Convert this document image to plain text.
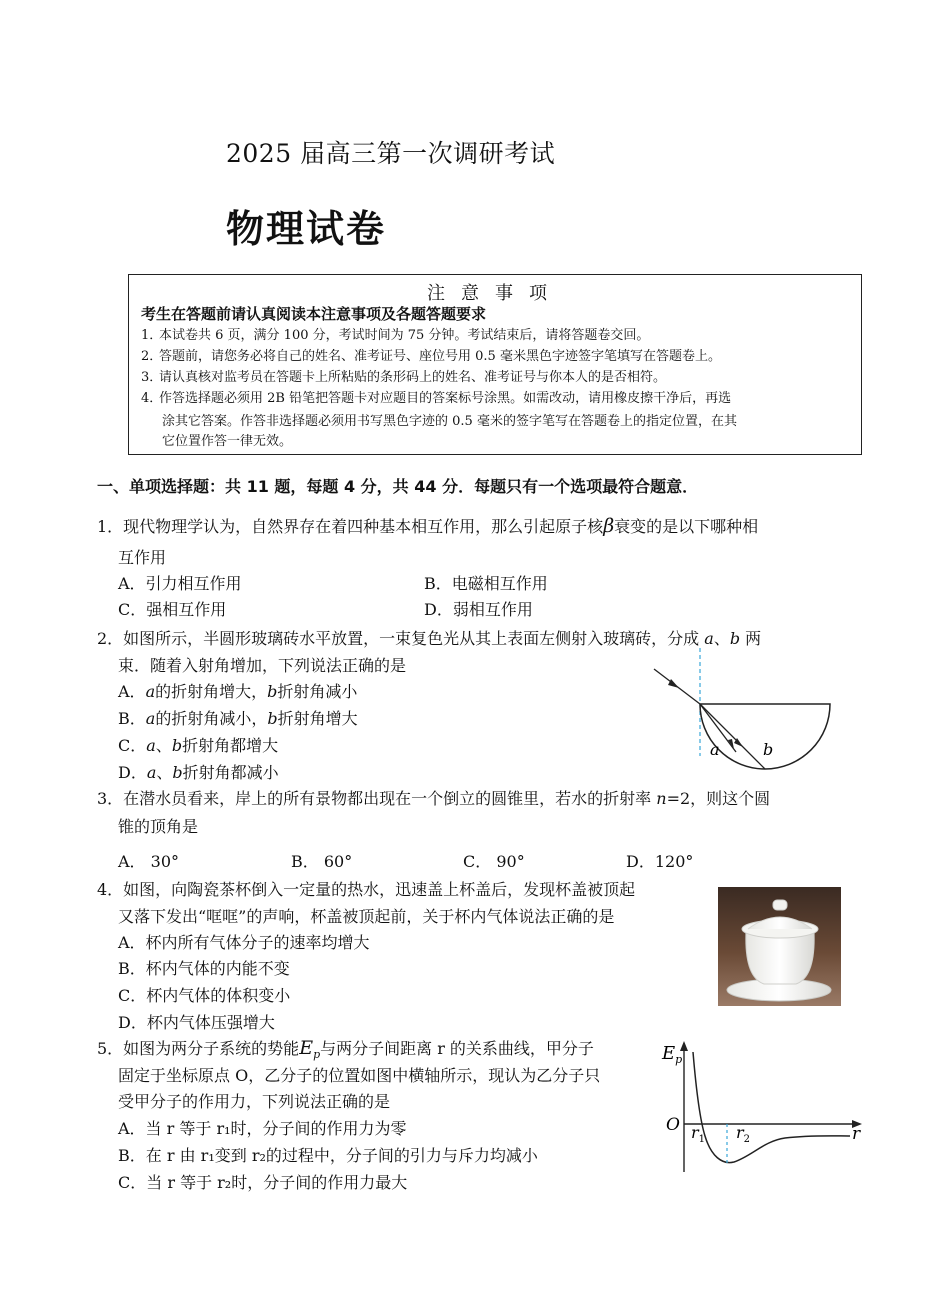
2025 届高三第一次调研考试
物理试卷
注意事项
考生在答题前请认真阅读本注意事项及各题答题要求
1．本试卷共 6 页，满分 100 分，考试时间为 75 分钟。考试结束后，请将答题卷交回。
2．答题前，请您务必将自己的姓名、准考证号、座位号用 0.5 毫米黑色字迹签字笔填写在答题卷上。
3．请认真核对监考员在答题卡上所粘贴的条形码上的姓名、准考证号与你本人的是否相符。
4．作答选择题必须用 2B 铅笔把答题卡对应题目的答案标号涂黑。如需改动，请用橡皮擦干净后，再选
涂其它答案。作答非选择题必须用书写黑色字迹的 0.5 毫米的签字笔写在答题卷上的指定位置，在其
它位置作答一律无效。
一、单项选择题：共 11 题，每题 4 分，共 44 分．每题只有一个选项最符合题意．
1．现代物理学认为，自然界存在着四种基本相互作用，那么引起原子核β衰变的是以下哪种相
互作用
A．引力相互作用	B．电磁相互作用
C．强相互作用	D．弱相互作用
2．如图所示，半圆形玻璃砖水平放置，一束复色光从其上表面左侧射入玻璃砖，分成 a、b 两
束．随着入射角增加，下列说法正确的是
A．a的折射角增大，b折射角减小
B．a的折射角减小，b折射角增大
C．a、b折射角都增大
D．a、b折射角都减小
a	b
3．在潜水员看来，岸上的所有景物都出现在一个倒立的圆锥里，若水的折射率 n=2，则这个圆
锥的顶角是
A． 30°	B． 60°	C． 90°	D．120°
4．如图，向陶瓷茶杯倒入一定量的热水，迅速盖上杯盖后，发现杯盖被顶起
又落下发出“哐哐”的声响，杯盖被顶起前，关于杯内气体说法正确的是
A．杯内所有气体分子的速率均增大
B．杯内气体的内能不变
C．杯内气体的体积变小
D．杯内气体压强增大
5．如图为两分子系统的势能$E_p$与两分子间距离 r 的关系曲线，甲分子
固定于坐标原点 O，乙分子的位置如图中横轴所示，现认为乙分子只
受甲分子的作用力，下列说法正确的是
A．当 r 等于 r₁时，分子间的作用力为零
B．在 r 由 r₁变到 r₂的过程中，分子间的引力与斥力均减小
C．当 r 等于 r₂时，分子间的作用力最大
$E_p$
O $r_1$ $r_2$	r
